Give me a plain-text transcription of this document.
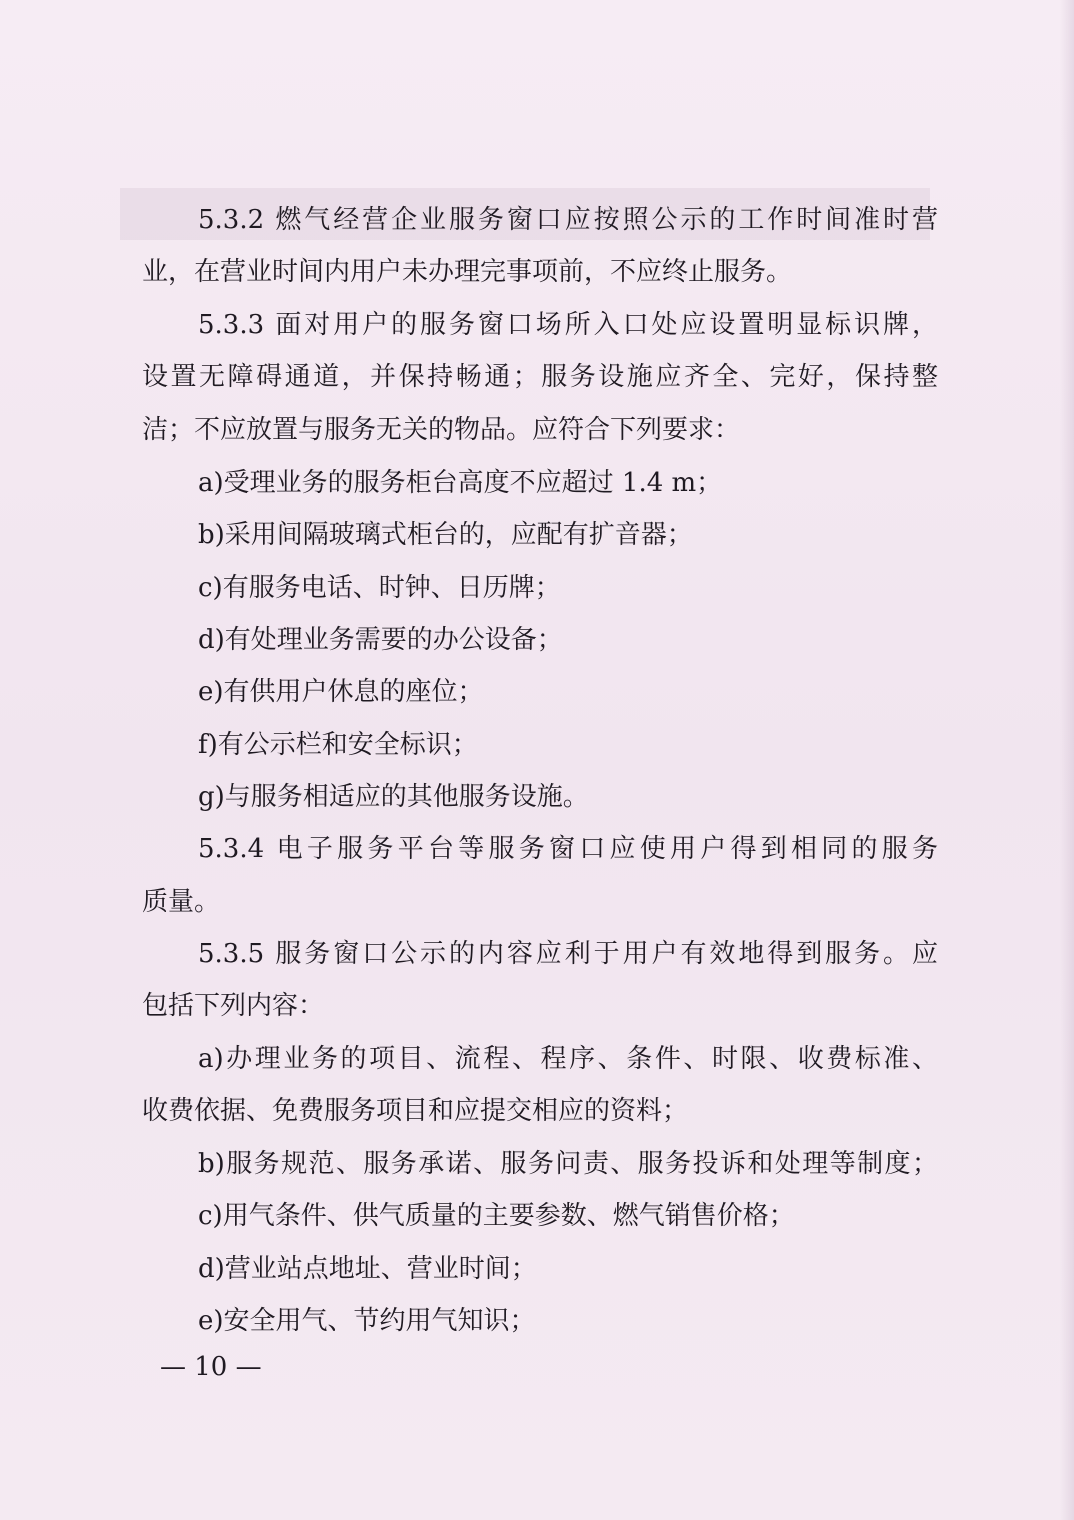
5.3.2 燃气经营企业服务窗口应按照公示的工作时间准时营
业，在营业时间内用户未办理完事项前，不应终止服务。
5.3.3 面对用户的服务窗口场所入口处应设置明显标识牌，
设置无障碍通道，并保持畅通；服务设施应齐全、完好，保持整
洁；不应放置与服务无关的物品。应符合下列要求：
a)受理业务的服务柜台高度不应超过 1.4 m；
b)采用间隔玻璃式柜台的，应配有扩音器；
c)有服务电话、时钟、日历牌；
d)有处理业务需要的办公设备；
e)有供用户休息的座位；
f)有公示栏和安全标识；
g)与服务相适应的其他服务设施。
5.3.4 电子服务平台等服务窗口应使用户得到相同的服务
质量。
5.3.5 服务窗口公示的内容应利于用户有效地得到服务。应
包括下列内容：
a)办理业务的项目、流程、程序、条件、时限、收费标准、
收费依据、免费服务项目和应提交相应的资料；
b)服务规范、服务承诺、服务问责、服务投诉和处理等制度；
c)用气条件、供气质量的主要参数、燃气销售价格；
d)营业站点地址、营业时间；
e)安全用气、节约用气知识；
— 10 —
